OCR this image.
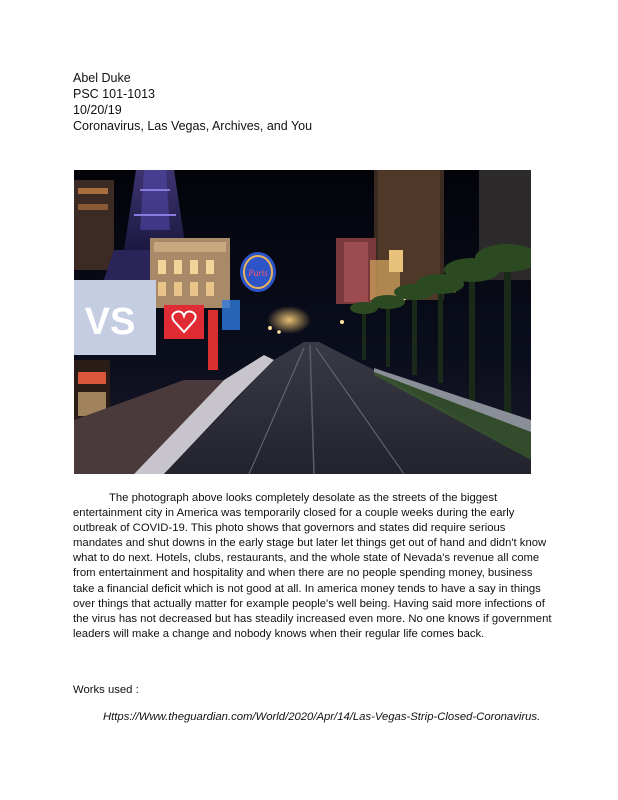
Abel Duke
PSC 101-1013
10/20/19
Coronavirus, Las Vegas, Archives, and You
Paris
VS

The photograph above looks completely desolate as the streets of the biggest entertainment city in America was temporarily closed for a couple weeks during the early outbreak of COVID-19. This photo shows that governors and states did require serious mandates and shut downs in the early stage but later let things get out of hand and didn't know what to do next. Hotels, clubs, restaurants, and the whole state of Nevada's revenue all come from entertainment and hospitality and when there are no people spending money, business take a financial deficit which is not good at all. In america money tends to have a say in things over things that actually matter for example people's well being. Having said more infections of the virus has not decreased but has steadily increased even more. No one knows if government leaders will make a change and nobody knows when their regular life comes back.

Works used :
Https://Www.theguardian.com/World/2020/Apr/14/Las-Vegas-Strip-Closed-Coronavirus.
